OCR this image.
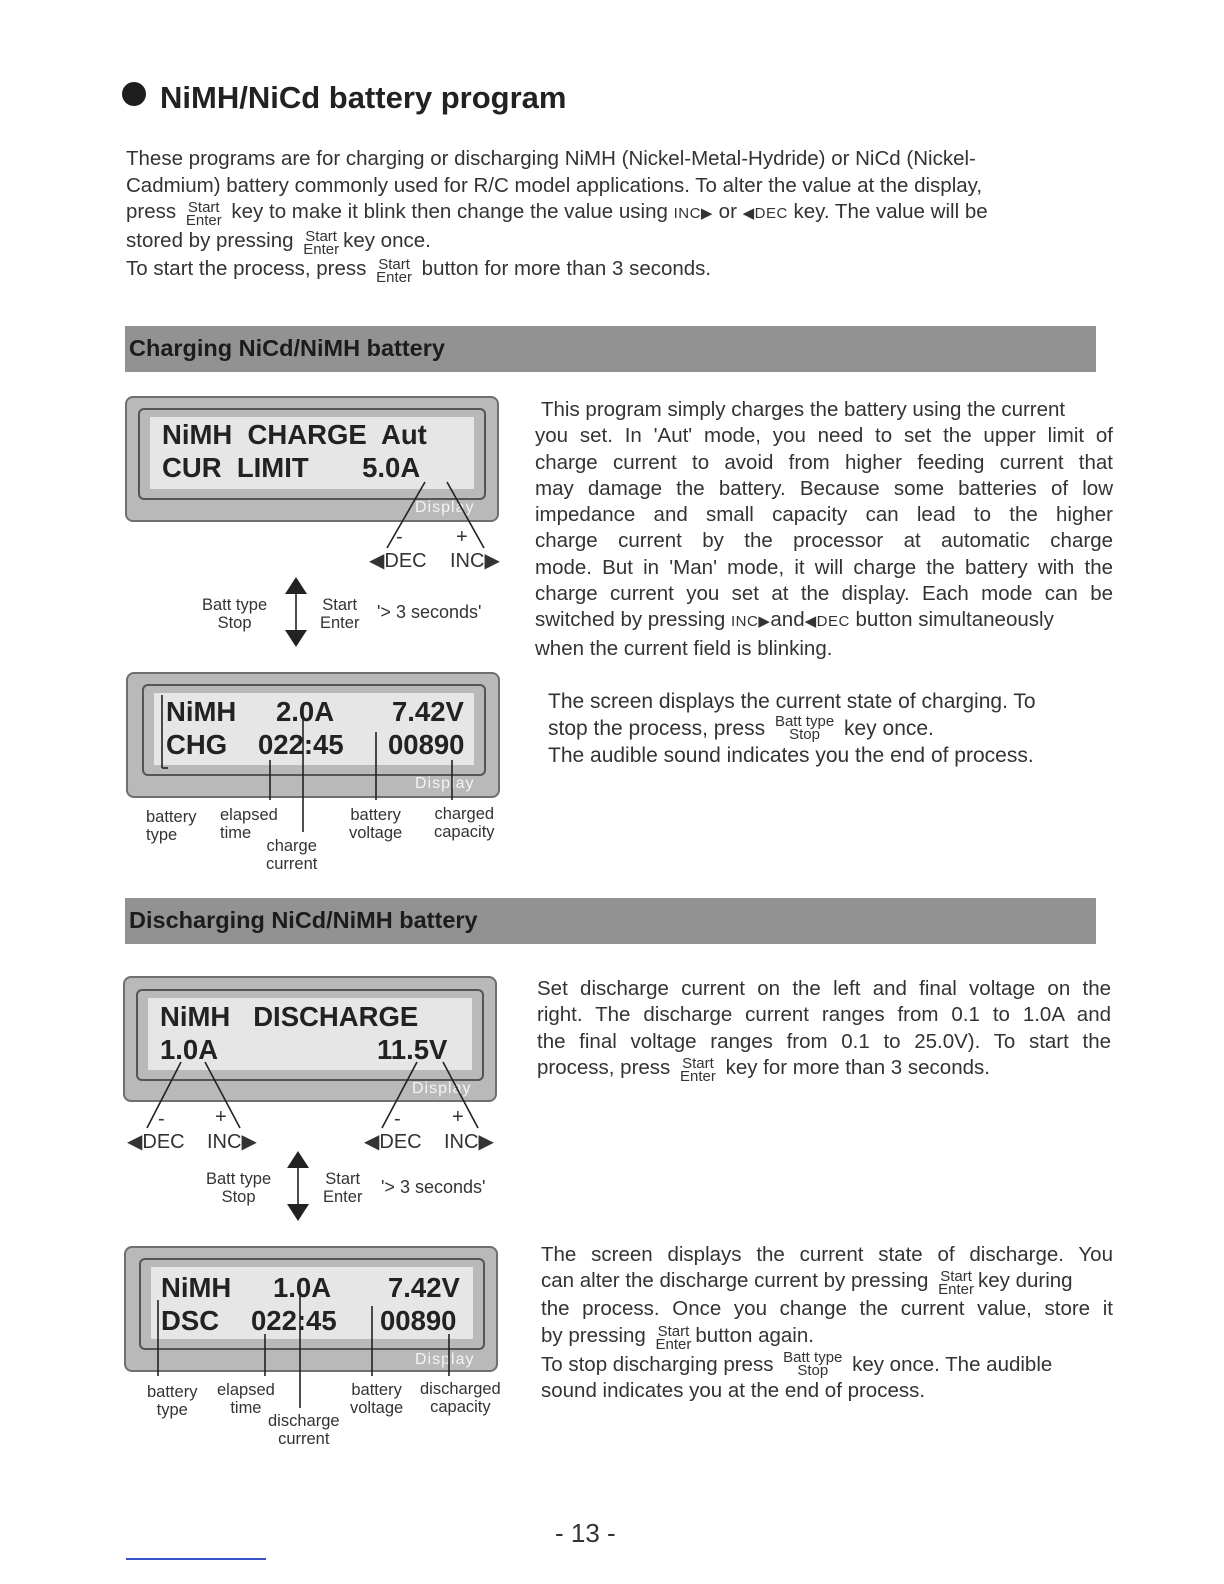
NiMH/NiCd battery program
These programs are for charging or discharging NiMH (Nickel-Metal-Hydride) or NiCd (Nickel-
Cadmium) battery commonly used for R/C model applications. To alter the value at the display,
press Start
Enter key to make it blink then change the value using INC▶ or ◀DEC key. The value will be
stored by pressing Start
Enter key once.
To start the process, press Start
Enter button for more than 3 seconds.
Charging NiCd/NiMH battery
NiMH  CHARGE  Aut
CUR  LIMIT       5.0A
Display
NiMH 2.0A 7.42V
CHG 022:45 00890
Display
Discharging NiCd/NiMH battery
NiMH   DISCHARGE
1.0A	11.5V
Display
NiMH 1.0A 7.42V
DSC 022:45 00890
Display
-	+
◀DEC INC▶
Batt type
Stop
Start
Enter
'> 3 seconds'
battery
type
elapsed
time
charge
current
battery
voltage
charged
capacity
This program simply charges the battery using the current
you set. In 'Aut' mode, you need to set the upper limit of
charge current to avoid from higher feeding current that
may damage the battery. Because some batteries of low
impedance and small capacity can lead to the higher
charge current by the processor at automatic charge
mode. But in 'Man' mode, it will charge the battery with the
charge current you set at the display. Each mode can be
switched by pressing INC▶and◀DEC button simultaneously
when the current field is blinking.
The screen displays the current state of charging. To
stop the process, press Batt type
Stop	key once.
The audible sound indicates you the end of process.
-	+
◀DEC INC▶
-	+
◀DEC INC▶
Batt type
Stop
Start
Enter '> 3 seconds'
battery
type
elapsed
time
discharge
current
battery
voltage
discharged
capacity
Set discharge current on the left and final voltage on the
right. The discharge current ranges from 0.1 to 1.0A and
the final voltage ranges from 0.1 to 25.0V). To start the
process, press Start
Enter key for more than 3 seconds.
The screen displays the current state of discharge. You
can alter the discharge current by pressing Start
Enter key during
the process. Once you change the current value, store it
by pressing Start
Enter button again.
To stop discharging press Batt type
Stop	key once. The audible
sound indicates you at the end of process.
- 13 -
